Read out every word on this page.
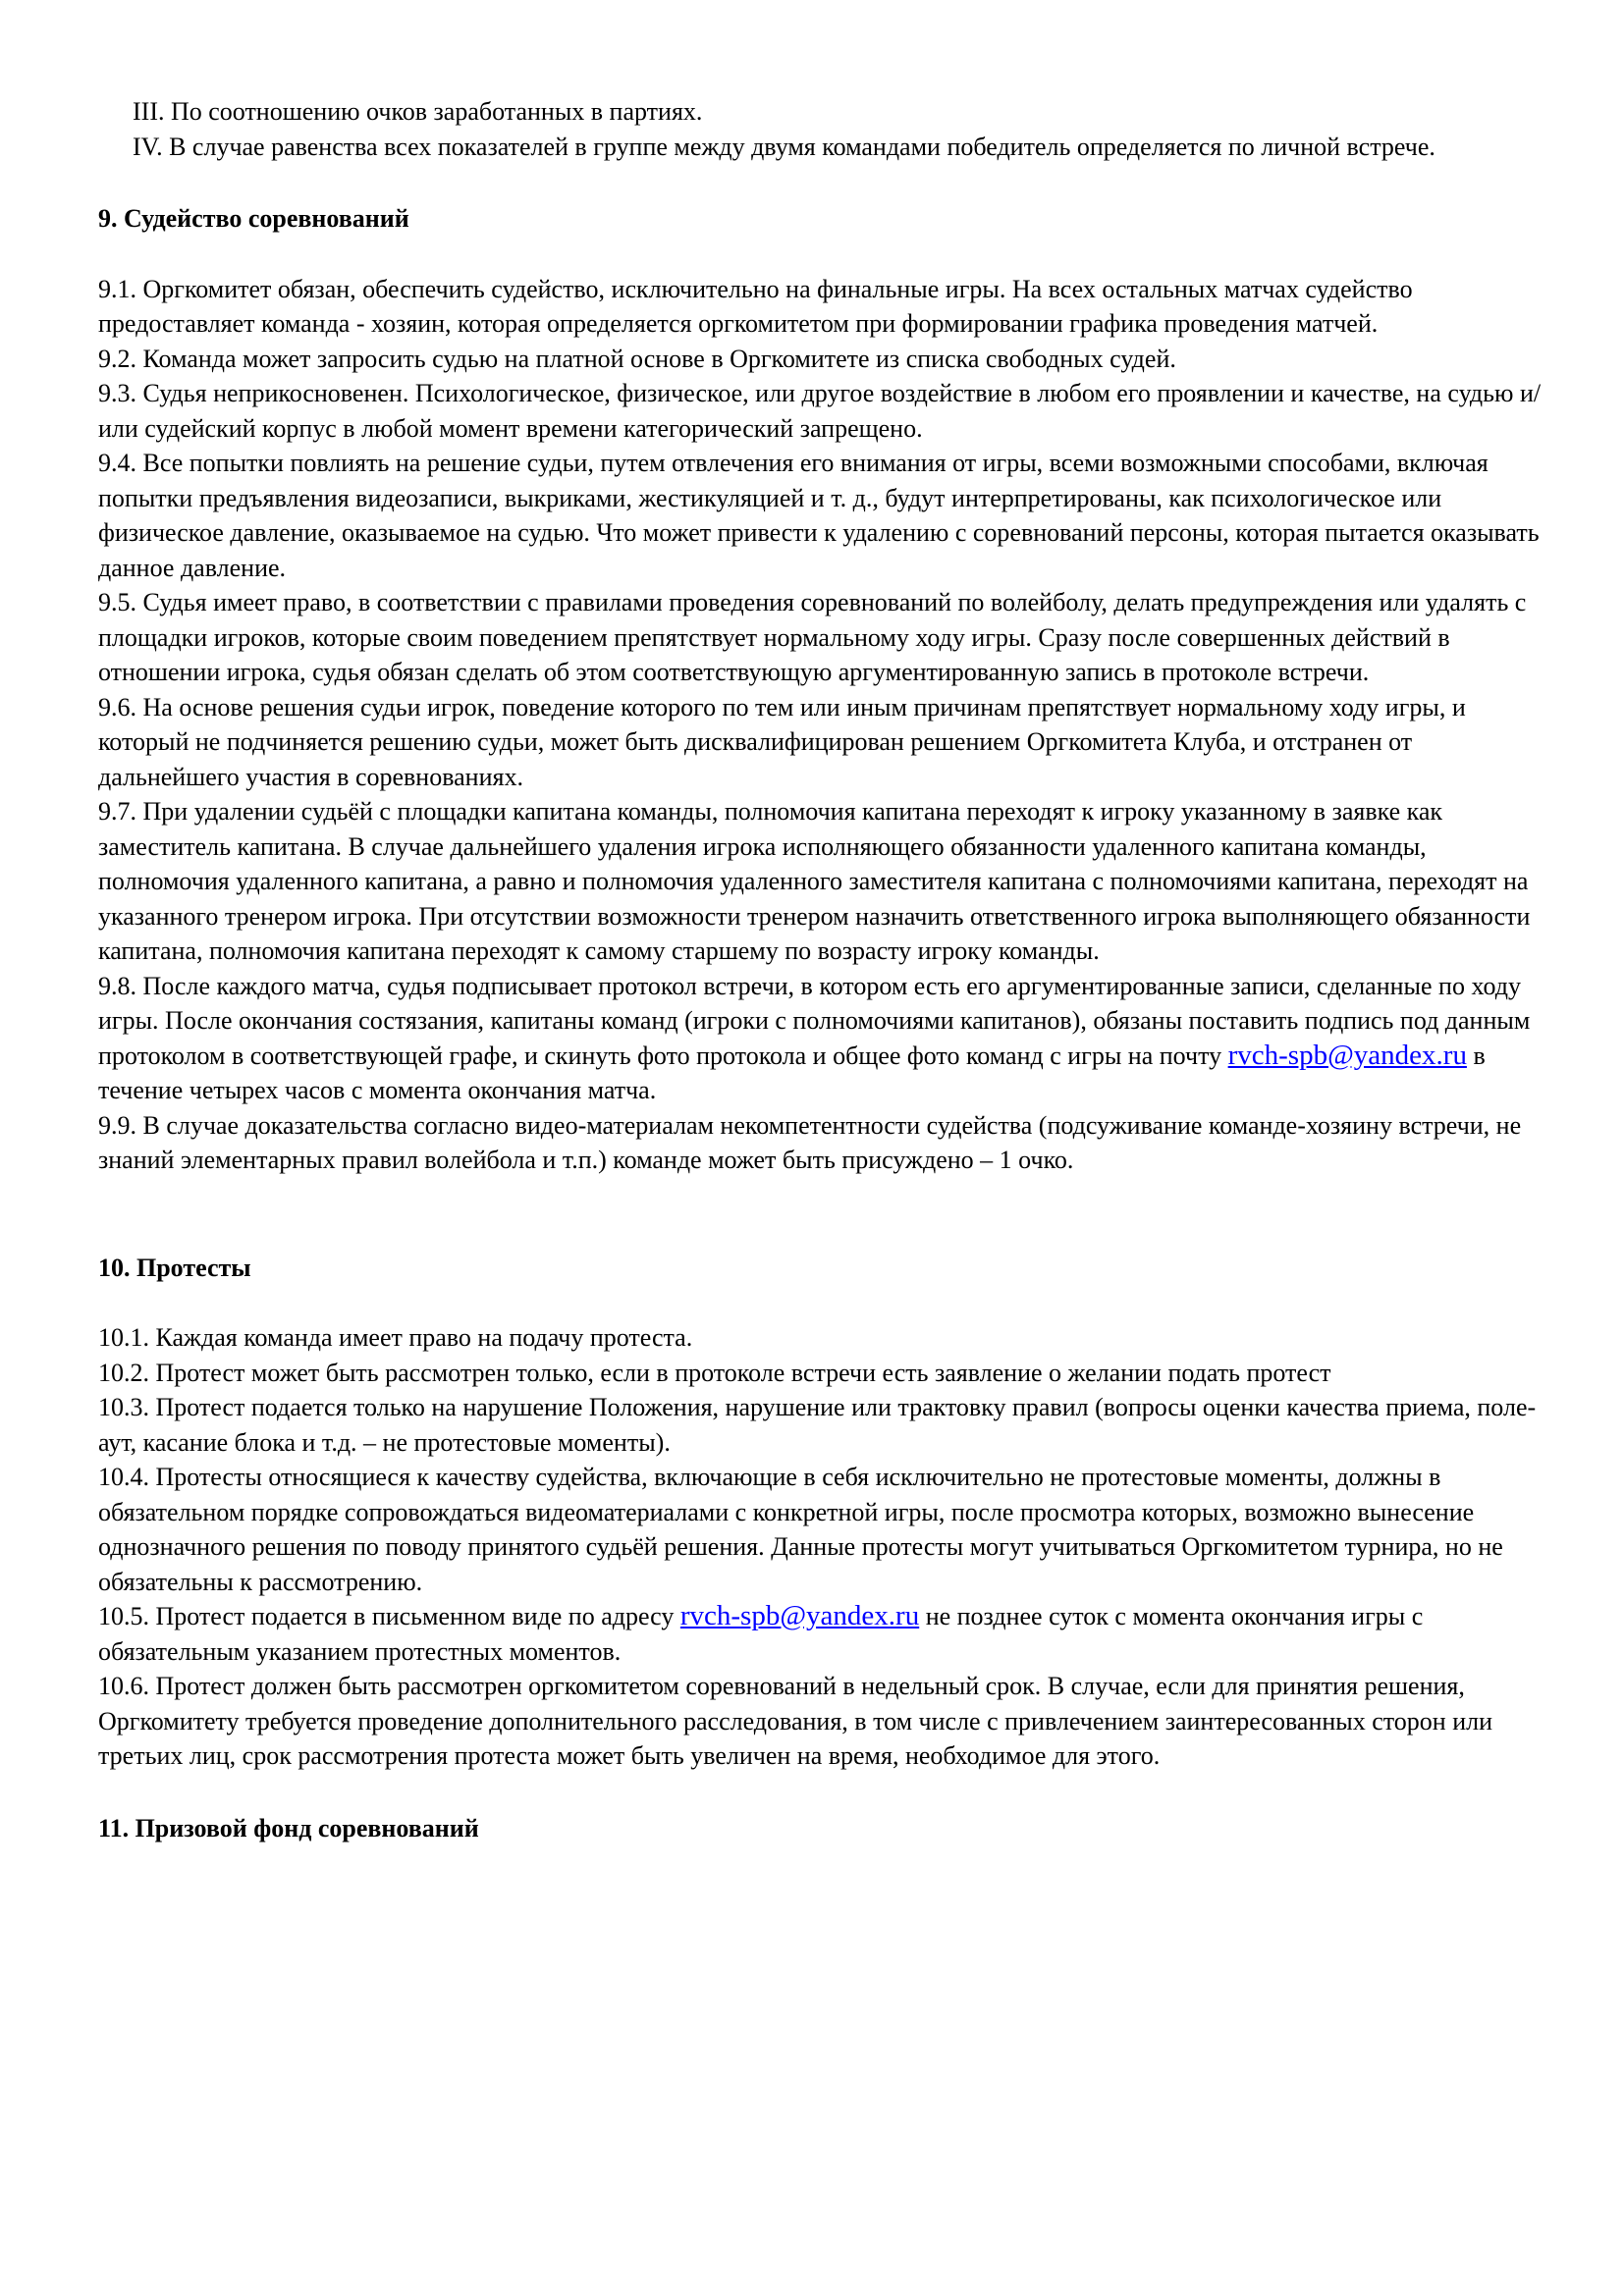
III. По соотношению очков заработанных в партиях.

IV. В случае равенства всех показателей в группе между двумя командами победитель определяется по личной встрече.

9. Судейство соревнований

9.1. Оргкомитет обязан, обеспечить судейство, исключительно на финальные игры. На всех остальных матчах судейство предоставляет команда - хозяин, которая определяется оргкомитетом при формировании графика проведения матчей.

9.2. Команда может запросить судью на платной основе в Оргкомитете из списка свободных судей.

9.3. Судья неприкосновенен. Психологическое, физическое, или другое воздействие в любом его проявлении и качестве, на судью и/или судейский корпус в любой момент времени категорический запрещено.

9.4. Все попытки повлиять на решение судьи, путем отвлечения его внимания от игры, всеми возможными способами, включая попытки предъявления видеозаписи, выкриками, жестикуляцией и т. д., будут интерпретированы, как психологическое или физическое давление, оказываемое на судью. Что может привести к удалению с соревнований персоны, которая пытается оказывать данное давление.

9.5. Судья имеет право, в соответствии с правилами проведения соревнований по волейболу, делать предупреждения или удалять с площадки игроков, которые своим поведением препятствует нормальному ходу игры. Сразу после совершенных действий в отношении игрока, судья обязан сделать об этом соответствующую аргументированную запись в протоколе встречи.

9.6. На основе решения судьи игрок, поведение которого по тем или иным причинам препятствует нормальному ходу игры, и который не подчиняется решению судьи, может быть дисквалифицирован решением Оргкомитета Клуба, и отстранен от дальнейшего участия в соревнованиях.

9.7. При удалении судьёй с площадки капитана команды, полномочия капитана переходят к игроку указанному в заявке как заместитель капитана. В случае дальнейшего удаления игрока исполняющего обязанности удаленного капитана команды, полномочия удаленного капитана, а равно и полномочия удаленного заместителя капитана с полномочиями капитана, переходят на указанного тренером игрока. При отсутствии возможности тренером назначить ответственного игрока выполняющего обязанности капитана, полномочия капитана переходят к самому старшему по возрасту игроку команды.

9.8. После каждого матча, судья подписывает протокол встречи, в котором есть его аргументированные записи, сделанные по ходу игры. После окончания состязания, капитаны команд (игроки с полномочиями капитанов), обязаны поставить подпись под данным протоколом в соответствующей графе, и скинуть фото протокола и общее фото команд с игры на почту rvch-spb@yandex.ru в течение четырех часов с момента окончания матча.

9.9. В случае доказательства согласно видео-материалам некомпетентности судейства (подсуживание команде-хозяину встречи, не знаний элементарных правил волейбола и т.п.) команде может быть присуждено – 1 очко.

10. Протесты

10.1. Каждая команда имеет право на подачу протеста.

10.2. Протест может быть рассмотрен только, если в протоколе встречи есть заявление о желании подать протест

10.3. Протест подается только на нарушение Положения, нарушение или трактовку правил (вопросы оценки качества приема, поле-аут, касание блока и т.д. – не протестовые моменты).

10.4. Протесты относящиеся к качеству судейства, включающие в себя исключительно не протестовые моменты, должны в обязательном порядке сопровождаться видеоматериалами с конкретной игры, после просмотра которых, возможно вынесение однозначного решения по поводу принятого судьёй решения. Данные протесты могут учитываться Оргкомитетом турнира, но не обязательны к рассмотрению.

10.5. Протест подается в письменном виде по адресу rvch-spb@yandex.ru не позднее суток с момента окончания игры с обязательным указанием протестных моментов.

10.6. Протест должен быть рассмотрен оргкомитетом соревнований в недельный срок. В случае, если для принятия решения, Оргкомитету требуется проведение дополнительного расследования, в том числе с привлечением заинтересованных сторон или третьих лиц, срок рассмотрения протеста может быть увеличен на время, необходимое для этого.

11. Призовой фонд соревнований
